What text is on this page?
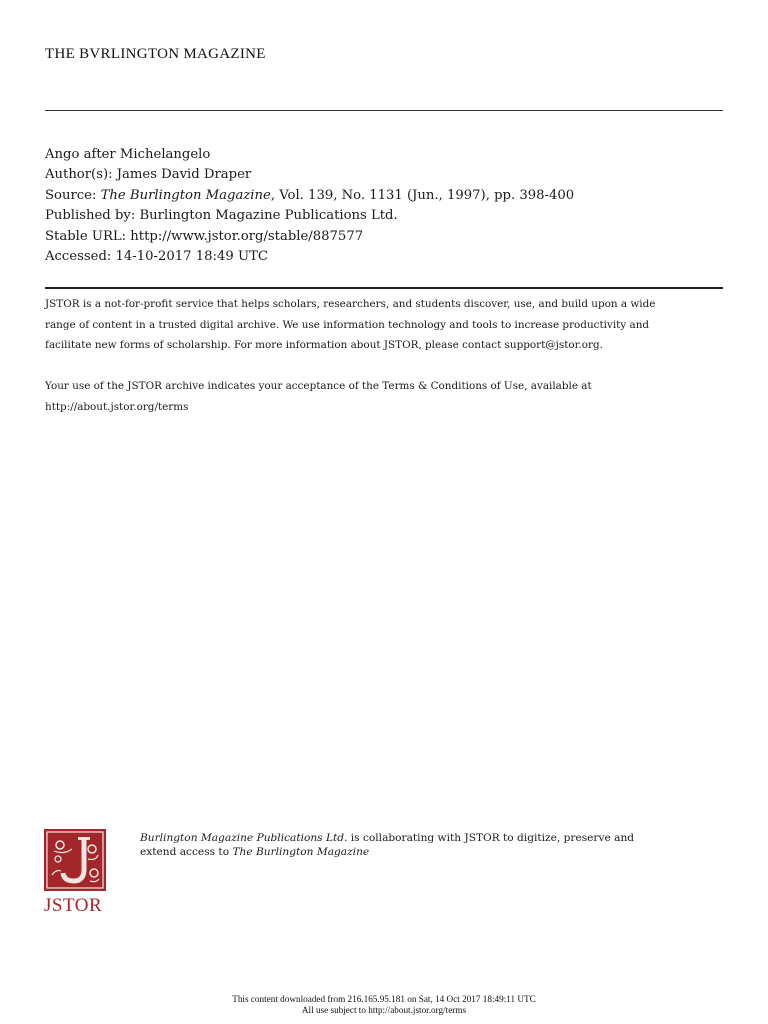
THE BVRLINGTON MAGAZINE
Ango after Michelangelo
Author(s): James David Draper
Source: The Burlington Magazine, Vol. 139, No. 1131 (Jun., 1997), pp. 398-400
Published by: Burlington Magazine Publications Ltd.
Stable URL: http://www.jstor.org/stable/887577
Accessed: 14-10-2017 18:49 UTC

JSTOR is a not-for-profit service that helps scholars, researchers, and students discover, use, and build upon a wide

range of content in a trusted digital archive. We use information technology and tools to increase productivity and

facilitate new forms of scholarship. For more information about JSTOR, please contact support@jstor.org.

Your use of the JSTOR archive indicates your acceptance of the Terms & Conditions of Use, available at

http://about.jstor.org/terms

JSTOR
Burlington Magazine Publications Ltd. is collaborating with JSTOR to digitize, preserve and
extend access to The Burlington Magazine
This content downloaded from 216.165.95.181 on Sat, 14 Oct 2017 18:49:11 UTC
All use subject to http://about.jstor.org/terms
